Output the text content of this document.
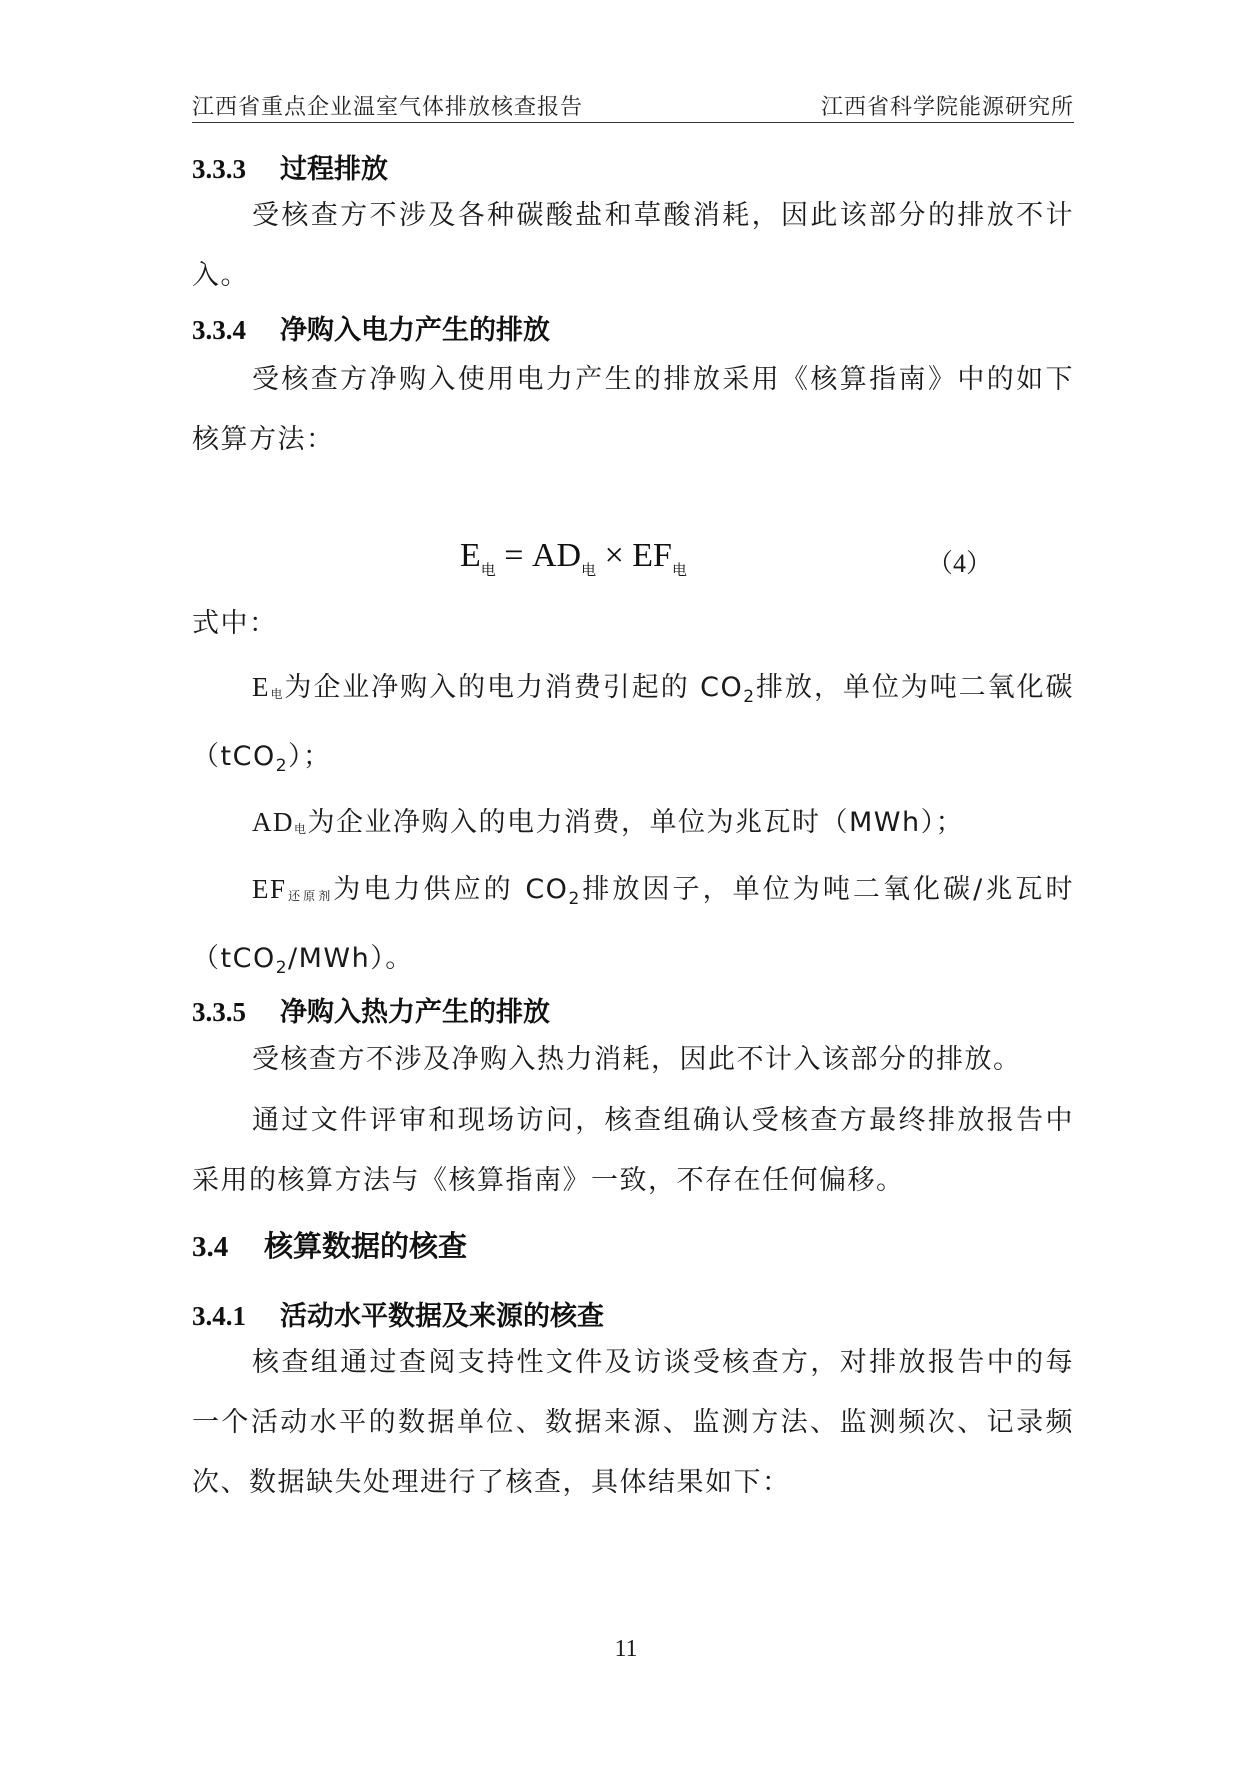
江西省重点企业温室气体排放核查报告	江西省科学院能源研究所
3.3.3 过程排放
受核查方不涉及各种碳酸盐和草酸消耗，因此该部分的排放不计入。
3.3.4 净购入电力产生的排放
受核查方净购入使用电力产生的排放采用《核算指南》中的如下核算方法：
$E_电 = AD_电 \times EF_电$	（4）
式中：
E电为企业净购入的电力消费引起的 $CO_2$排放，单位为吨二氧化碳（tCO$_2$）；
AD电为企业净购入的电力消费，单位为兆瓦时（MWh）；
EF还原剂为电力供应的 $CO_2$排放因子，单位为吨二氧化碳/兆瓦时（tCO$_2$/MWh）。
3.3.5 净购入热力产生的排放
受核查方不涉及净购入热力消耗，因此不计入该部分的排放。
通过文件评审和现场访问，核查组确认受核查方最终排放报告中采用的核算方法与《核算指南》一致，不存在任何偏移。
3.4 核算数据的核查
3.4.1 活动水平数据及来源的核查
核查组通过查阅支持性文件及访谈受核查方，对排放报告中的每一个活动水平的数据单位、数据来源、监测方法、监测频次、记录频次、数据缺失处理进行了核查，具体结果如下：
11
